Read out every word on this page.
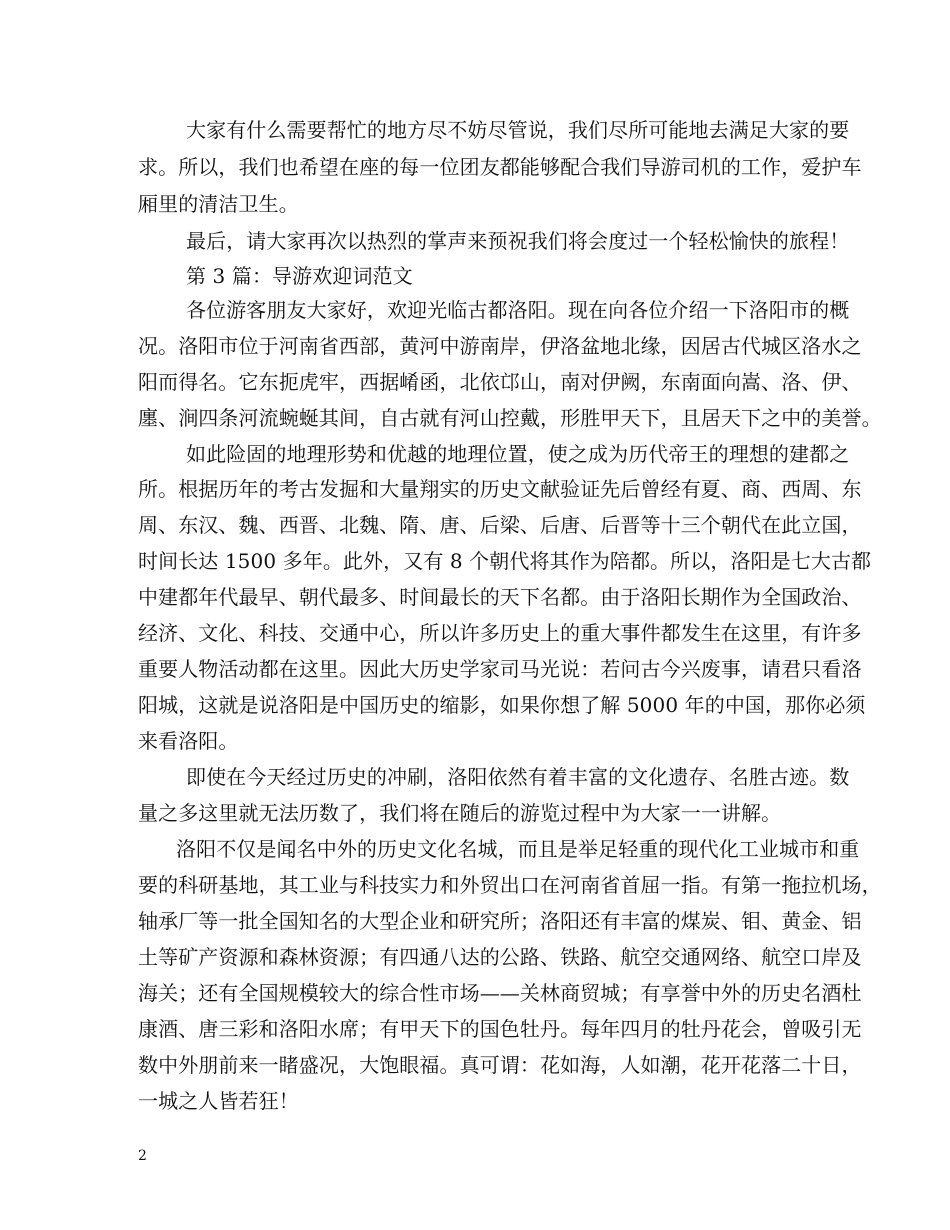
大家有什么需要帮忙的地方尽不妨尽管说，我们尽所可能地去满足大家的要
求。所以，我们也希望在座的每一位团友都能够配合我们导游司机的工作，爱护车
厢里的清洁卫生。
最后，请大家再次以热烈的掌声来预祝我们将会度过一个轻松愉快的旅程！
第 3 篇：导游欢迎词范文
各位游客朋友大家好，欢迎光临古都洛阳。现在向各位介绍一下洛阳市的概
况。洛阳市位于河南省西部，黄河中游南岸，伊洛盆地北缘，因居古代城区洛水之
阳而得名。它东扼虎牢，西据崤函，北依邙山，南对伊阙，东南面向嵩、洛、伊、
廛、涧四条河流蜿蜒其间，自古就有河山控戴，形胜甲天下，且居天下之中的美誉。
如此险固的地理形势和优越的地理位置，使之成为历代帝王的理想的建都之
所。根据历年的考古发掘和大量翔实的历史文献验证先后曾经有夏、商、西周、东
周、东汉、魏、西晋、北魏、隋、唐、后梁、后唐、后晋等十三个朝代在此立国，
时间长达 1500 多年。此外，又有 8 个朝代将其作为陪都。所以，洛阳是七大古都
中建都年代最早、朝代最多、时间最长的天下名都。由于洛阳长期作为全国政治、
经济、文化、科技、交通中心，所以许多历史上的重大事件都发生在这里，有许多
重要人物活动都在这里。因此大历史学家司马光说：若问古今兴废事，请君只看洛
阳城，这就是说洛阳是中国历史的缩影，如果你想了解 5000 年的中国，那你必须
来看洛阳。
即使在今天经过历史的冲刷，洛阳依然有着丰富的文化遗存、名胜古迹。数
量之多这里就无法历数了，我们将在随后的游览过程中为大家一一讲解。
洛阳不仅是闻名中外的历史文化名城，而且是举足轻重的现代化工业城市和重
要的科研基地，其工业与科技实力和外贸出口在河南省首屈一指。有第一拖拉机场，
轴承厂等一批全国知名的大型企业和研究所；洛阳还有丰富的煤炭、钼、黄金、铝
土等矿产资源和森林资源；有四通八达的公路、铁路、航空交通网络、航空口岸及
海关；还有全国规模较大的综合性市场——关林商贸城；有享誉中外的历史名酒杜
康酒、唐三彩和洛阳水席；有甲天下的国色牡丹。每年四月的牡丹花会，曾吸引无
数中外朋前来一睹盛况，大饱眼福。真可谓：花如海，人如潮，花开花落二十日，
一城之人皆若狂！
2
